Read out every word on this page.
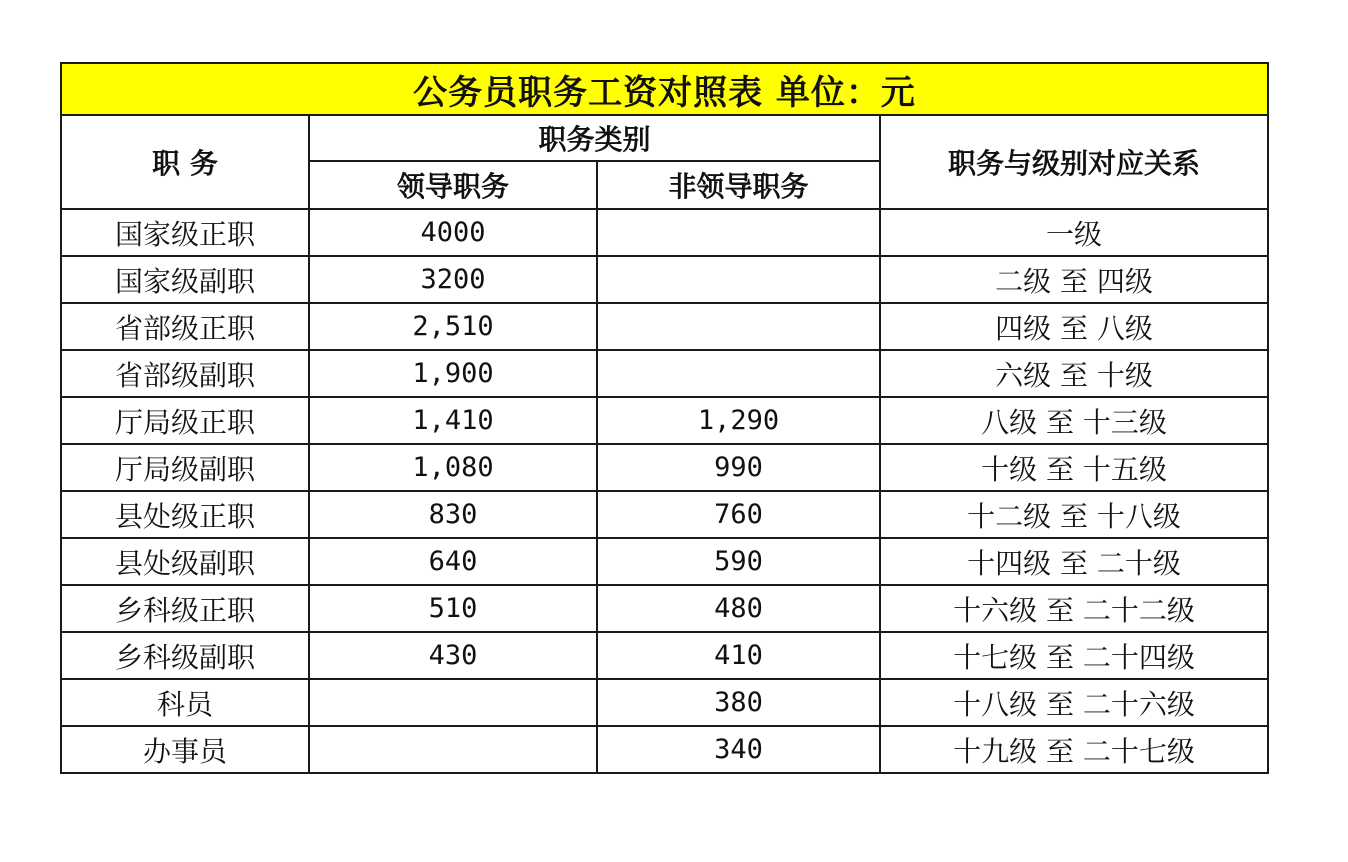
公务员职务工资对照表 单位：元			
职 务	职务类别		职务与级别对应关系
	领导职务	非领导职务	
国家级正职	4000		一级
国家级副职	3200		二级 至 四级
省部级正职	2,510		四级 至 八级
省部级副职	1,900		六级 至 十级
厅局级正职	1,410	1,290	八级 至 十三级
厅局级副职	1,080	990	十级 至 十五级
县处级正职	830	760	十二级 至 十八级
县处级副职	640	590	十四级 至 二十级
乡科级正职	510	480	十六级 至 二十二级
乡科级副职	430	410	十七级 至 二十四级
科员		380	十八级 至 二十六级
办事员		340	十九级 至 二十七级
